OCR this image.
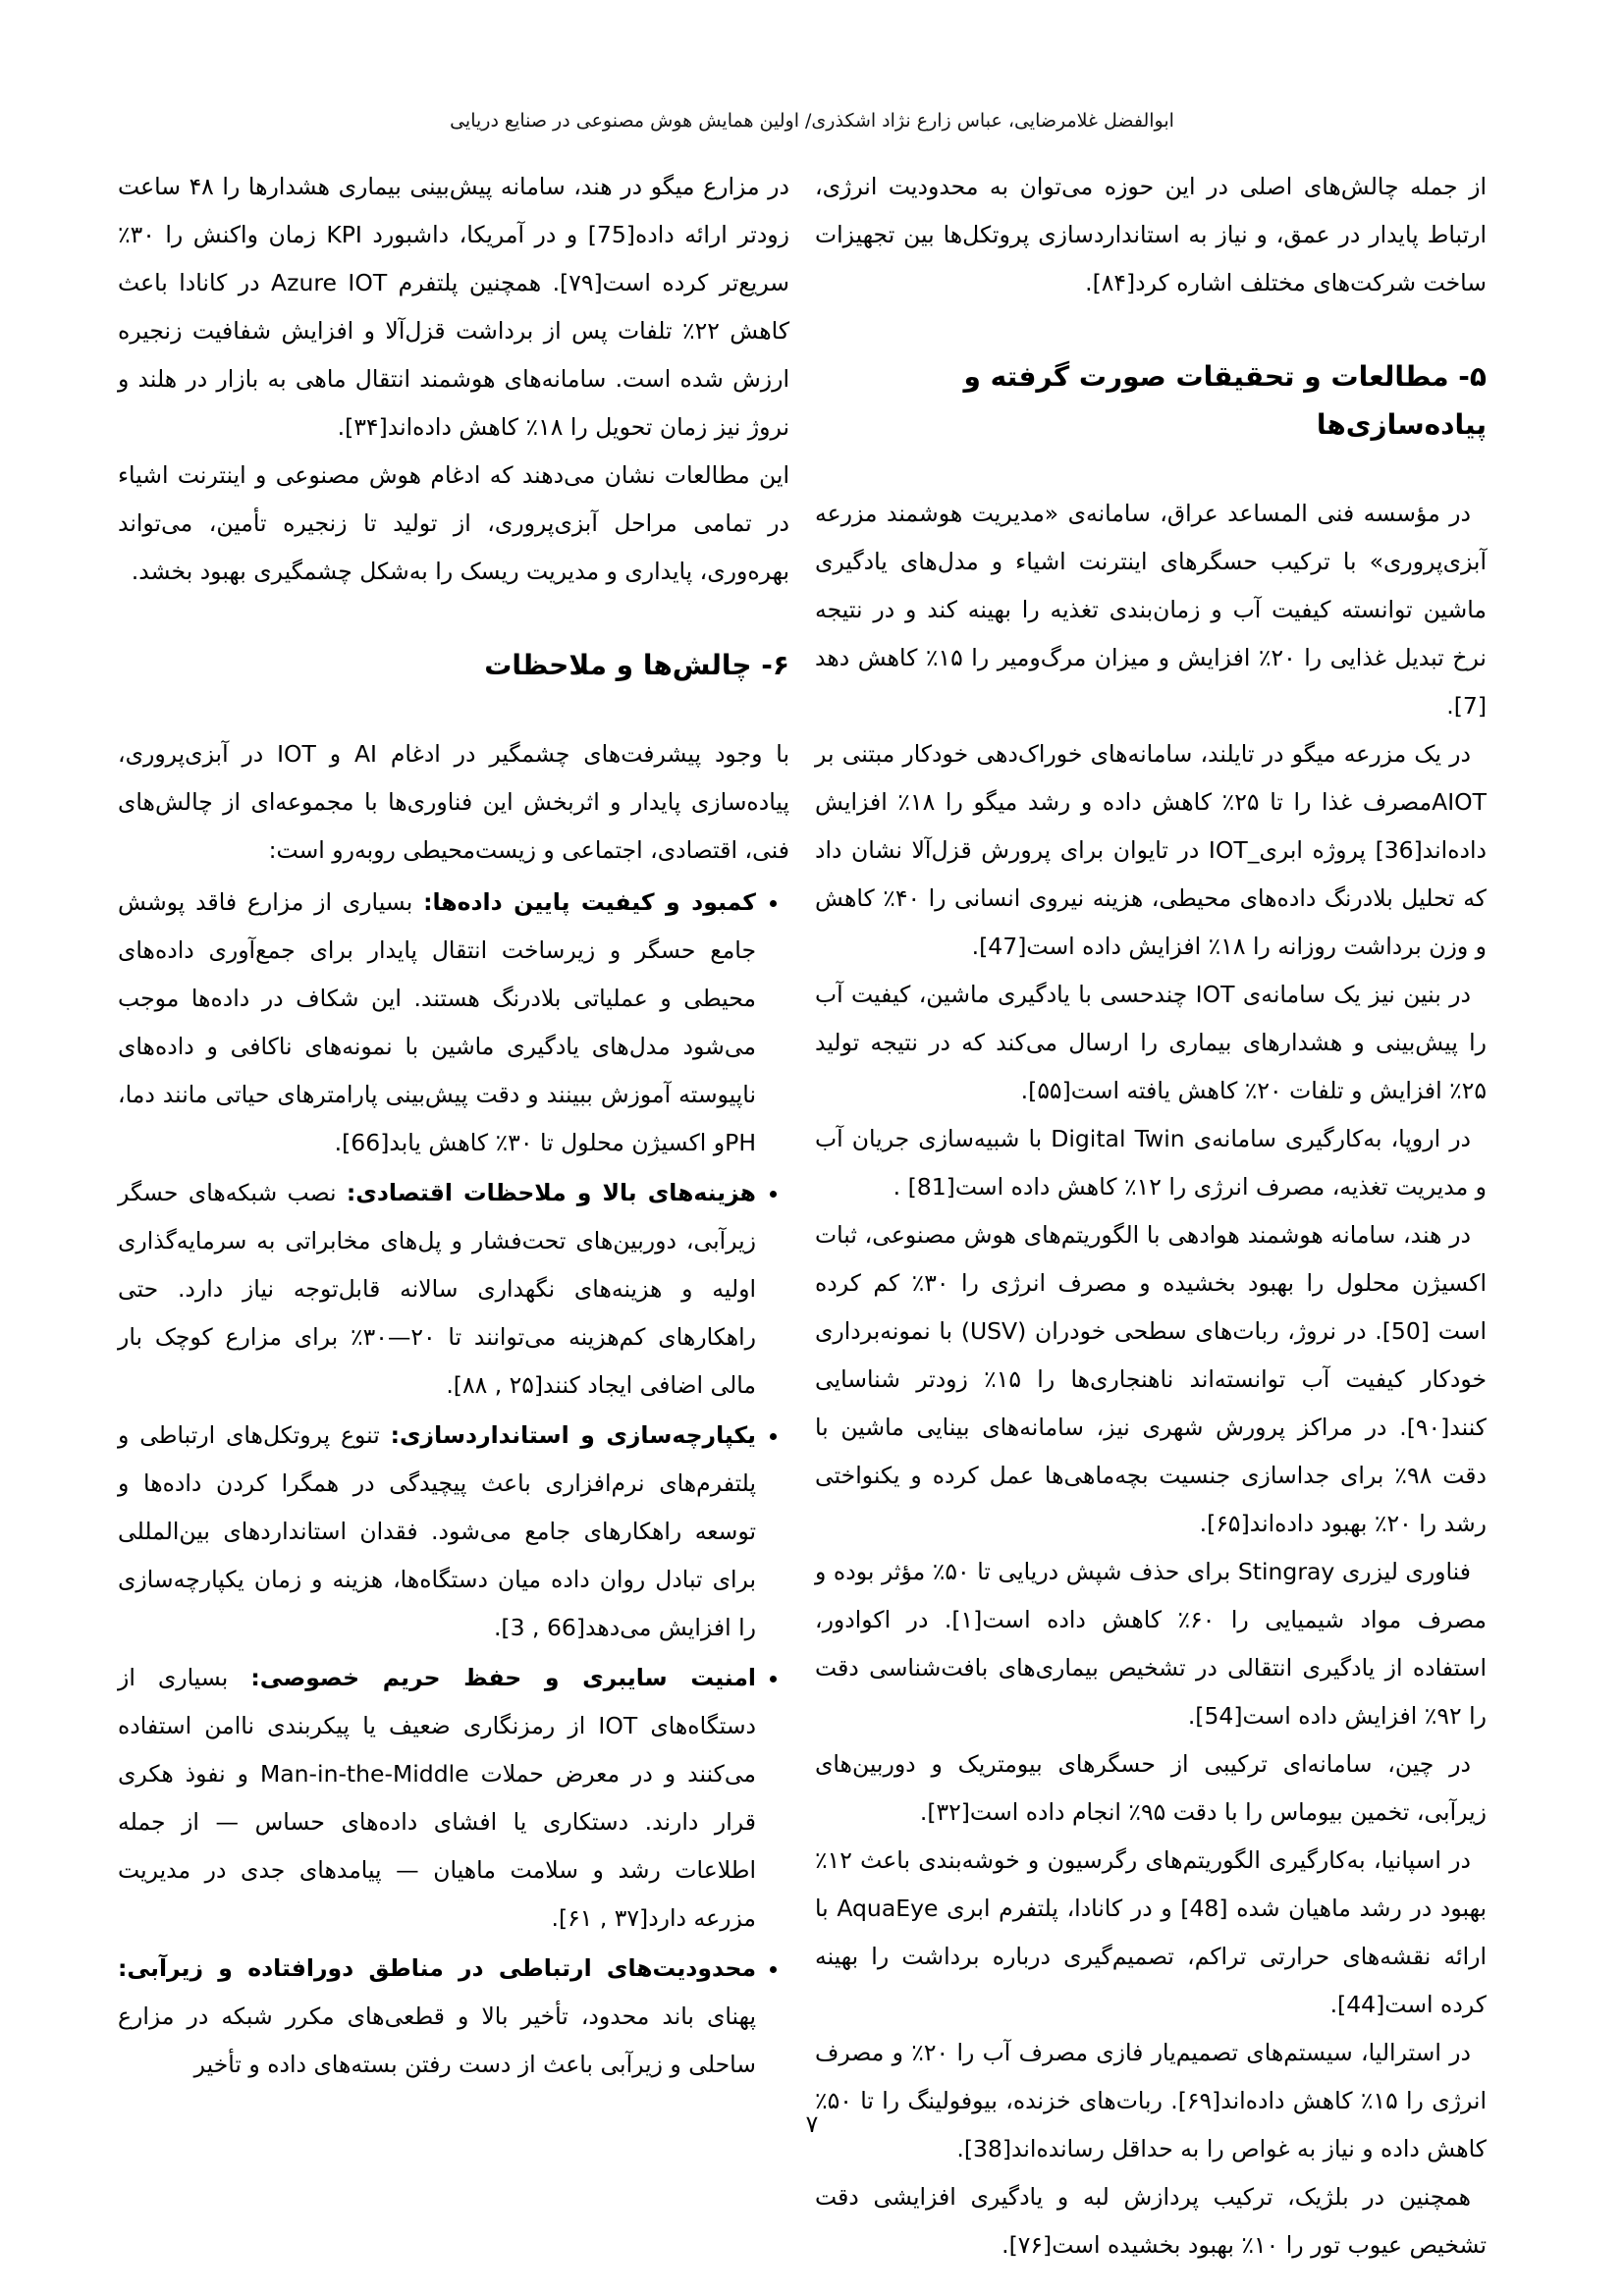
ابوالفضل غلامرضایی، عباس زارع نژاد اشکذری/ اولین همایش هوش مصنوعی در صنایع دریایی

از جمله چالش‌های اصلی در این حوزه می‌توان به محدودیت انرژی، ارتباط پایدار در عمق، و نیاز به استانداردسازی پروتکل‌ها بین تجهیزات ساخت شرکت‌های مختلف اشاره کرد[۸۴].

۵- مطالعات و تحقیقات صورت گرفته و پیاده‌سازی‌ها

در مؤسسه فنی المساعد عراق، سامانه‌ی «مدیریت هوشمند مزرعه آبزی‌پروری» با ترکیب حسگرهای اینترنت اشیاء و مدل‌های یادگیری ماشین توانسته کیفیت آب و زمان‌بندی تغذیه را بهینه کند و در نتیجه نرخ تبدیل غذایی را ۲۰٪ افزایش و میزان مرگ‌ومیر را ۱۵٪ کاهش دهد [7].

در یک مزرعه میگو در تایلند، سامانه‌های خوراک‌دهی خودکار مبتنی بر AIOTمصرف غذا را تا ۲۵٪ کاهش داده و رشد میگو را ۱۸٪ افزایش داده‌اند[36] پروژه ابری_IOT در تایوان برای پرورش قزل‌آلا نشان داد که تحلیل بلادرنگ داده‌های محیطی، هزینه نیروی انسانی را ۴۰٪ کاهش و وزن برداشت روزانه را ۱۸٪ افزایش داده است[47].

در بنین نیز یک سامانه‌ی IOT چندحسی با یادگیری ماشین، کیفیت آب را پیش‌بینی و هشدارهای بیماری را ارسال می‌کند که در نتیجه تولید ۲۵٪ افزایش و تلفات ۲۰٪ کاهش یافته است[۵۵].

در اروپا، به‌کارگیری سامانه‌ی Digital Twin با شبیه‌سازی جریان آب و مدیریت تغذیه، مصرف انرژی را ۱۲٪ کاهش داده است[81] .

در هند، سامانه هوشمند هوادهی با الگوریتم‌های هوش مصنوعی، ثبات اکسیژن محلول را بهبود بخشیده و مصرف انرژی را ۳۰٪ کم کرده است [50]. در نروژ، ربات‌های سطحی خودران (USV) با نمونه‌برداری خودکار کیفیت آب توانسته‌اند ناهنجاری‌ها را ۱۵٪ زودتر شناسایی کنند[۹۰]. در مراکز پرورش شهری نیز، سامانه‌های بینایی ماشین با دقت ۹۸٪ برای جداسازی جنسیت بچه‌ماهی‌ها عمل کرده و یکنواختی رشد را ۲۰٪ بهبود داده‌اند[۶۵].

فناوری لیزری Stingray برای حذف شپش دریایی تا ۵۰٪ مؤثر بوده و مصرف مواد شیمیایی را ۶۰٪ کاهش داده است[۱]. در اکوادور، استفاده از یادگیری انتقالی در تشخیص بیماری‌های بافت‌شناسی دقت را ۹۲٪ افزایش داده است[54].

در چین، سامانه‌ای ترکیبی از حسگرهای بیومتریک و دوربین‌های زیرآبی، تخمین بیوماس را با دقت ۹۵٪ انجام داده است[۳۲].

در اسپانیا، به‌کارگیری الگوریتم‌های رگرسیون و خوشه‌بندی باعث ۱۲٪ بهبود در رشد ماهیان شده [48] و در کانادا، پلتفرم ابری AquaEye با ارائه نقشه‌های حرارتی تراکم، تصمیم‌گیری درباره برداشت را بهینه کرده است[44].

در استرالیا، سیستم‌های تصمیم‌یار فازی مصرف آب را ۲۰٪ و مصرف انرژی را ۱۵٪ کاهش داده‌اند[۶۹]. ربات‌های خزنده، بیوفولینگ را تا ۵۰٪ کاهش داده و نیاز به غواص را به حداقل رسانده‌اند[38].

همچنین در بلژیک، ترکیب پردازش لبه و یادگیری افزایشی دقت تشخیص عیوب تور را ۱۰٪ بهبود بخشیده است[۷۶].

در مزارع میگو در هند، سامانه پیش‌بینی بیماری هشدارها را ۴۸ ساعت زودتر ارائه داده[75] و در آمریکا، داشبورد KPI زمان واکنش را ۳۰٪ سریع‌تر کرده است[۷۹]. همچنین پلتفرم Azure IOT در کانادا باعث کاهش ۲۲٪ تلفات پس از برداشت قزل‌آلا و افزایش شفافیت زنجیره ارزش شده است. سامانه‌های هوشمند انتقال ماهی به بازار در هلند و نروژ نیز زمان تحویل را ۱۸٪ کاهش داده‌اند[۳۴].

این مطالعات نشان می‌دهند که ادغام هوش مصنوعی و اینترنت اشیاء در تمامی مراحل آبزی‌پروری، از تولید تا زنجیره تأمین، می‌تواند بهره‌وری، پایداری و مدیریت ریسک را به‌شکل چشمگیری بهبود بخشد.

۶- چالش‌ها و ملاحظات

با وجود پیشرفت‌های چشمگیر در ادغام AI و IOT در آبزی‌پروری، پیاده‌سازی پایدار و اثربخش این فناوری‌ها با مجموعه‌ای از چالش‌های فنی، اقتصادی، اجتماعی و زیست‌محیطی روبه‌رو است:

• کمبود و کیفیت پایین داده‌ها: بسیاری از مزارع فاقد پوشش جامع حسگر و زیرساخت انتقال پایدار برای جمع‌آوری داده‌های محیطی و عملیاتی بلادرنگ هستند. این شکاف در داده‌ها موجب می‌شود مدل‌های یادگیری ماشین با نمونه‌های ناکافی و داده‌های ناپیوسته آموزش ببینند و دقت پیش‌بینی پارامترهای حیاتی مانند دما، PHو اکسیژن محلول تا ۳۰٪ کاهش یابد[66].
• هزینه‌های بالا و ملاحظات اقتصادی: نصب شبکه‌های حسگر زیرآبی، دوربین‌های تحت‌فشار و پل‌های مخابراتی به سرمایه‌گذاری اولیه و هزینه‌های نگهداری سالانه قابل‌توجه نیاز دارد. حتی راهکارهای کم‌هزینه می‌توانند تا ۲۰—۳۰٪ برای مزارع کوچک بار مالی اضافی ایجاد کنند[۲۵ , ۸۸].
• یکپارچه‌سازی و استانداردسازی: تنوع پروتکل‌های ارتباطی و پلتفرم‌های نرم‌افزاری باعث پیچیدگی در همگرا کردن داده‌ها و توسعه راهکارهای جامع می‌شود. فقدان استانداردهای بین‌المللی برای تبادل روان داده میان دستگاه‌ها، هزینه و زمان یکپارچه‌سازی را افزایش می‌دهد[66 , 3].
• امنیت سایبری و حفظ حریم خصوصی: بسیاری از دستگاه‌های IOT از رمزنگاری ضعیف یا پیکربندی ناامن استفاده می‌کنند و در معرض حملات Man-in-the-Middle و نفوذ هکری قرار دارند. دستکاری یا افشای داده‌های حساس — از جمله اطلاعات رشد و سلامت ماهیان — پیامدهای جدی در مدیریت مزرعه دارد[۳۷ , ۶۱].
• محدودیت‌های ارتباطی در مناطق دورافتاده و زیرآبی: پهنای باند محدود، تأخیر بالا و قطعی‌های مکرر شبکه در مزارع ساحلی و زیرآبی باعث از دست رفتن بسته‌های داده و تأخیر
۷
